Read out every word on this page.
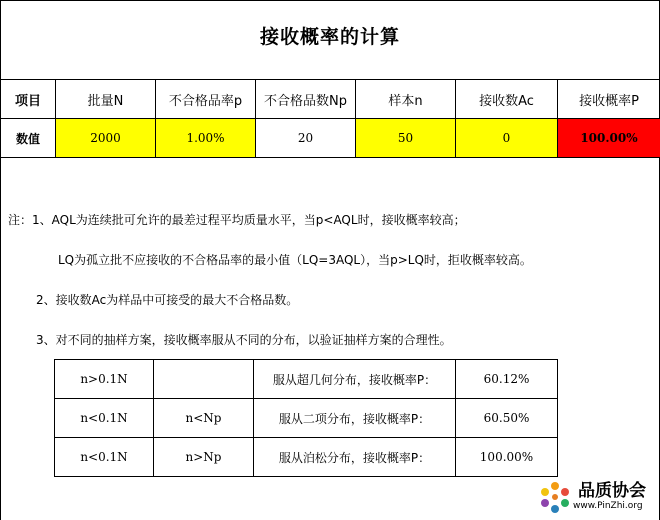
接收概率的计算
项目	批量N	不合格品率p	不合格品数Np	样本n	接收数Ac	接收概率P
数值	2000	1.00%	20	50	0	100.00%
注：1、AQL为连续批可允许的最差过程平均质量水平，当p<AQL时，接收概率较高；
LQ为孤立批不应接收的不合格品率的最小值（LQ=3AQL），当p>LQ时，拒收概率较高。
2、接收数Ac为样品中可接受的最大不合格品数。
3、对不同的抽样方案，接收概率服从不同的分布，以验证抽样方案的合理性。
n>0.1N		服从超几何分布，接收概率P：	60.12%
n<0.1N	n<Np	服从二项分布，接收概率P：	60.50%
n<0.1N	n>Np	服从泊松分布，接收概率P：	100.00%
品质协会
www.PinZhi.org
